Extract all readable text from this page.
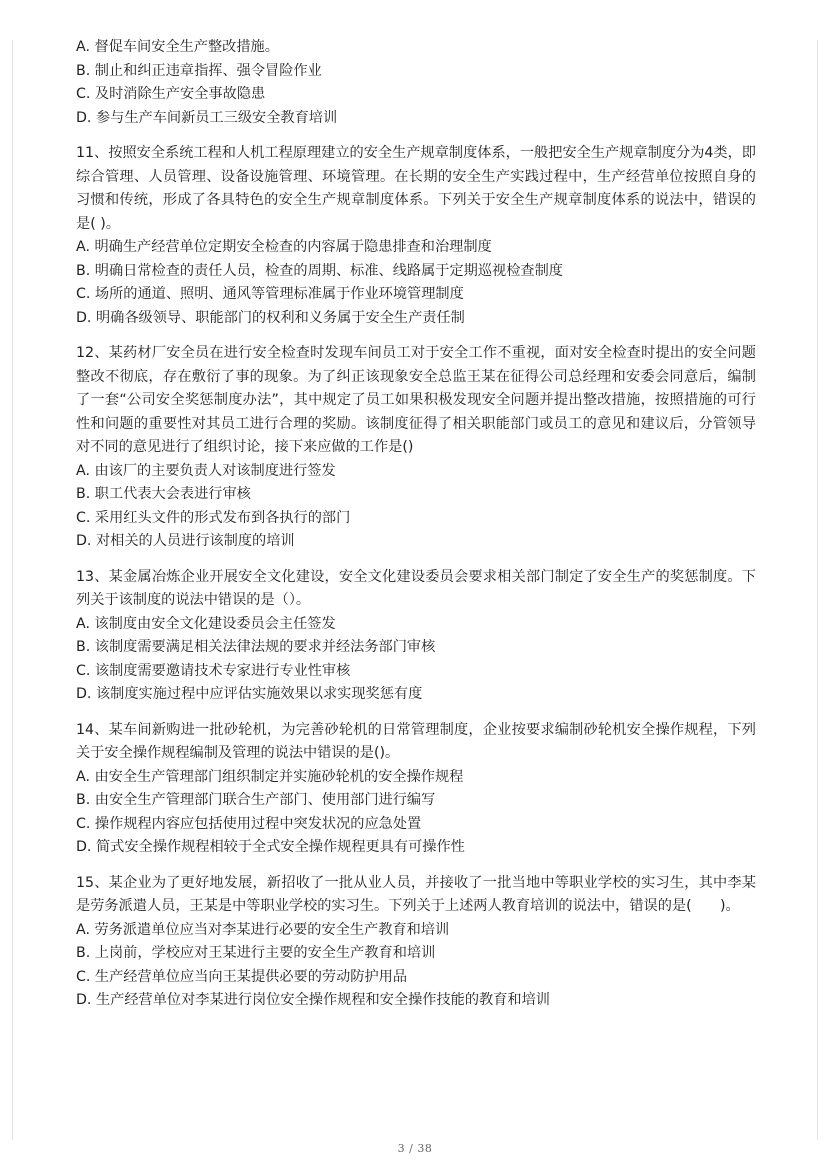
A. 督促车间安全生产整改措施。
B. 制止和纠正违章指挥、强令冒险作业
C. 及时消除生产安全事故隐患
D. 参与生产车间新员工三级安全教育培训
11、按照安全系统工程和人机工程原理建立的安全生产规章制度体系，一般把安全生产规章制度分为4类，即综合管理、人员管理、设备设施管理、环境管理。在长期的安全生产实践过程中，生产经营单位按照自身的习惯和传统，形成了各具特色的安全生产规章制度体系。下列关于安全生产规章制度体系的说法中，错误的是( )。
A. 明确生产经营单位定期安全检查的内容属于隐患排查和治理制度
B. 明确日常检查的责任人员，检查的周期、标准、线路属于定期巡视检查制度
C. 场所的通道、照明、通风等管理标准属于作业环境管理制度
D. 明确各级领导、职能部门的权利和义务属于安全生产责任制
12、某药材厂安全员在进行安全检查时发现车间员工对于安全工作不重视，面对安全检查时提出的安全问题整改不彻底，存在敷衍了事的现象。为了纠正该现象安全总监王某在征得公司总经理和安委会同意后，编制了一套“公司安全奖惩制度办法”，其中规定了员工如果积极发现安全问题并提出整改措施，按照措施的可行性和问题的重要性对其员工进行合理的奖励。该制度征得了相关职能部门或员工的意见和建议后，分管领导对不同的意见进行了组织讨论，接下来应做的工作是()
A. 由该厂的主要负责人对该制度进行签发
B. 职工代表大会表进行审核
C. 采用红头文件的形式发布到各执行的部门
D. 对相关的人员进行该制度的培训
13、某金属冶炼企业开展安全文化建设，安全文化建设委员会要求相关部门制定了安全生产的奖惩制度。下列关于该制度的说法中错误的是（）。
A. 该制度由安全文化建设委员会主任签发
B. 该制度需要满足相关法律法规的要求并经法务部门审核
C. 该制度需要邀请技术专家进行专业性审核
D. 该制度实施过程中应评估实施效果以求实现奖惩有度
14、某车间新购进一批砂轮机，为完善砂轮机的日常管理制度，企业按要求编制砂轮机安全操作规程，下列关于安全操作规程编制及管理的说法中错误的是()。
A. 由安全生产管理部门组织制定并实施砂轮机的安全操作规程
B. 由安全生产管理部门联合生产部门、使用部门进行编写
C. 操作规程内容应包括使用过程中突发状况的应急处置
D. 简式安全操作规程相较于全式安全操作规程更具有可操作性
15、某企业为了更好地发展，新招收了一批从业人员，并接收了一批当地中等职业学校的实习生，其中李某是劳务派遣人员，王某是中等职业学校的实习生。下列关于上述两人教育培训的说法中，错误的是(　　)。
A. 劳务派遣单位应当对李某进行必要的安全生产教育和培训
B. 上岗前，学校应对王某进行主要的安全生产教育和培训
C. 生产经营单位应当向王某提供必要的劳动防护用品
D. 生产经营单位对李某进行岗位安全操作规程和安全操作技能的教育和培训
3 / 38
